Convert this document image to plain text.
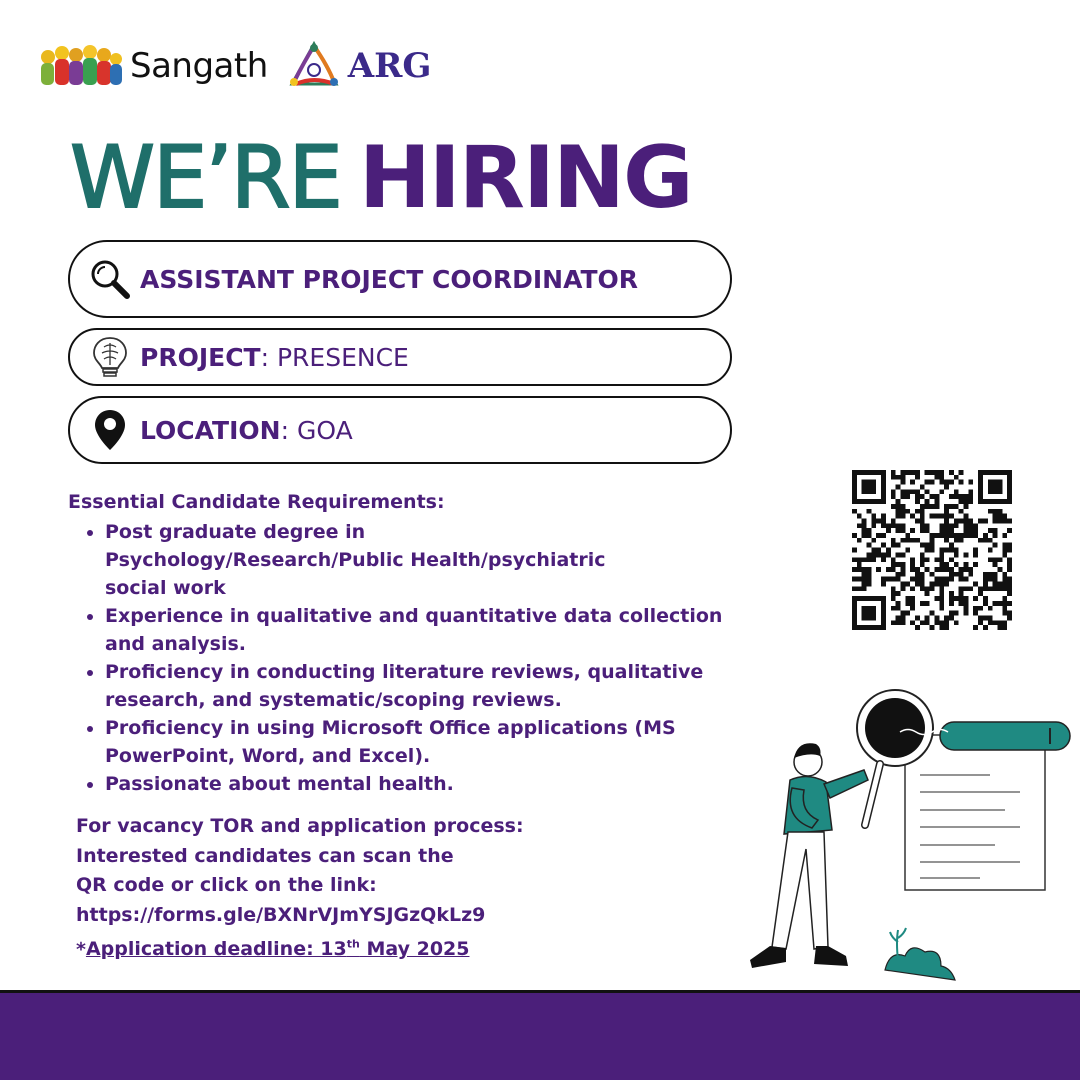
Sangath ARG
WE’RE HIRING
ASSISTANT PROJECT COORDINATOR
PROJECT: PRESENCE
LOCATION: GOA
Essential Candidate Requirements:
• Post graduate degree in Psychology/Research/Public Health/psychiatric social work
• Experience in qualitative and quantitative data collection and analysis.
• Proficiency in conducting literature reviews, qualitative research, and systematic/scoping reviews.
• Proficiency in using Microsoft Office applications (MS PowerPoint, Word, and Excel).
• Passionate about mental health.
For vacancy TOR and application process:
Interested candidates can scan the
QR code or click on the link:
https://forms.gle/BXNrVJmYSJGzQkLz9
*Application deadline: 13th May 2025
